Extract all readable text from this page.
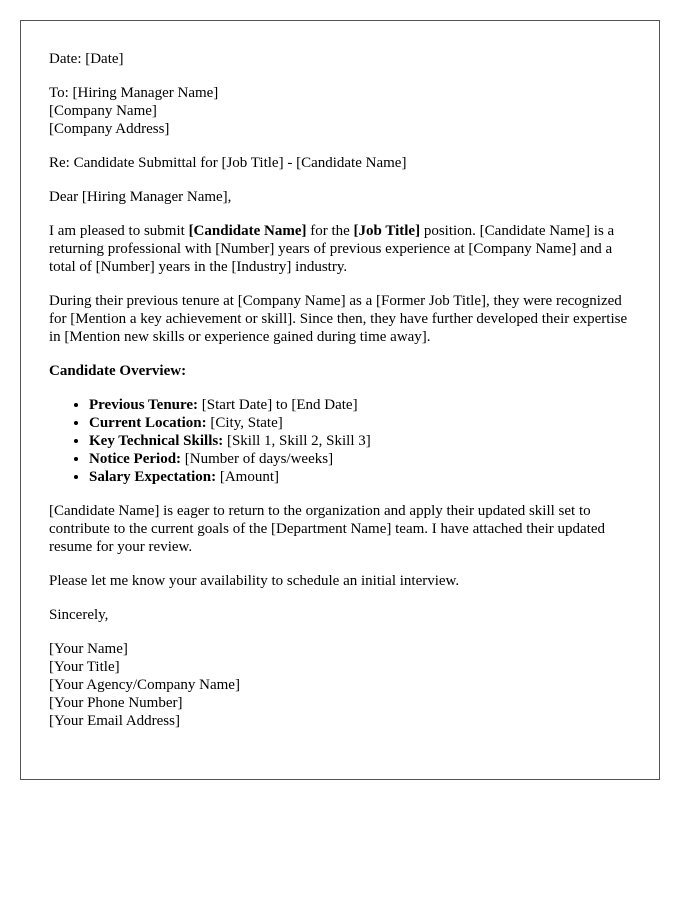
Date: [Date]

To: [Hiring Manager Name]
[Company Name]
[Company Address]

Re: Candidate Submittal for [Job Title] - [Candidate Name]

Dear [Hiring Manager Name],

I am pleased to submit [Candidate Name] for the [Job Title] position. [Candidate Name] is a returning professional with [Number] years of previous experience at [Company Name] and a total of [Number] years in the [Industry] industry.

During their previous tenure at [Company Name] as a [Former Job Title], they were recognized for [Mention a key achievement or skill]. Since then, they have further developed their expertise in [Mention new skills or experience gained during time away].

Candidate Overview:
• Previous Tenure: [Start Date] to [End Date]
• Current Location: [City, State]
• Key Technical Skills: [Skill 1, Skill 2, Skill 3]
• Notice Period: [Number of days/weeks]
• Salary Expectation: [Amount]

[Candidate Name] is eager to return to the organization and apply their updated skill set to contribute to the current goals of the [Department Name] team. I have attached their updated resume for your review.

Please let me know your availability to schedule an initial interview.

Sincerely,

[Your Name]
[Your Title]
[Your Agency/Company Name]
[Your Phone Number]
[Your Email Address]
